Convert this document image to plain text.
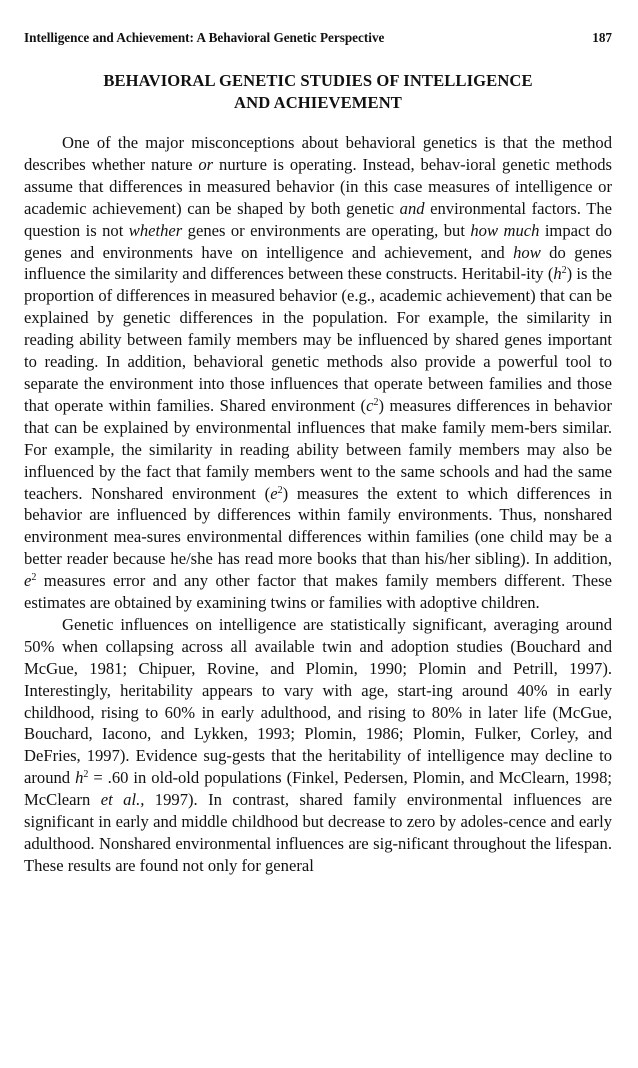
Intelligence and Achievement: A Behavioral Genetic Perspective	187
BEHAVIORAL GENETIC STUDIES OF INTELLIGENCE
AND ACHIEVEMENT

One of the major misconceptions about behavioral genetics is that the method describes whether nature or nurture is operating. Instead, behav-ioral genetic methods assume that differences in measured behavior (in this case measures of intelligence or academic achievement) can be shaped by both genetic and environmental factors. The question is not whether genes or environments are operating, but how much impact do genes and environments have on intelligence and achievement, and how do genes influence the similarity and differences between these constructs. Heritabil-ity $(h^2)$ is the proportion of differences in measured behavior (e.g., academic achievement) that can be explained by genetic differences in the population. For example, the similarity in reading ability between family members may be influenced by shared genes important to reading. In addition, behavioral genetic methods also provide a powerful tool to separate the environment into those influences that operate between families and those that operate within families. Shared environment $(c^2)$ measures differences in behavior that can be explained by environmental influences that make family mem-bers similar. For example, the similarity in reading ability between family members may also be influenced by the fact that family members went to the same schools and had the same teachers. Nonshared environment $(e^2)$ measures the extent to which differences in behavior are influenced by differences within family environments. Thus, nonshared environment mea-sures environmental differences within families (one child may be a better reader because he/she has read more books that than his/her sibling). In addition, $e^2$ measures error and any other factor that makes family members different. These estimates are obtained by examining twins or families with adoptive children.

Genetic influences on intelligence are statistically significant, averaging around 50% when collapsing across all available twin and adoption studies (Bouchard and McGue, 1981; Chipuer, Rovine, and Plomin, 1990; Plomin and Petrill, 1997). Interestingly, heritability appears to vary with age, start-ing around 40% in early childhood, rising to 60% in early adulthood, and rising to 80% in later life (McGue, Bouchard, Iacono, and Lykken, 1993; Plomin, 1986; Plomin, Fulker, Corley, and DeFries, 1997). Evidence sug-gests that the heritability of intelligence may decline to around $h^2 = .60$ in old-old populations (Finkel, Pedersen, Plomin, and McClearn, 1998; McClearn et al., 1997). In contrast, shared family environmental influences are significant in early and middle childhood but decrease to zero by adoles-cence and early adulthood. Nonshared environmental influences are sig-nificant throughout the lifespan. These results are found not only for general
